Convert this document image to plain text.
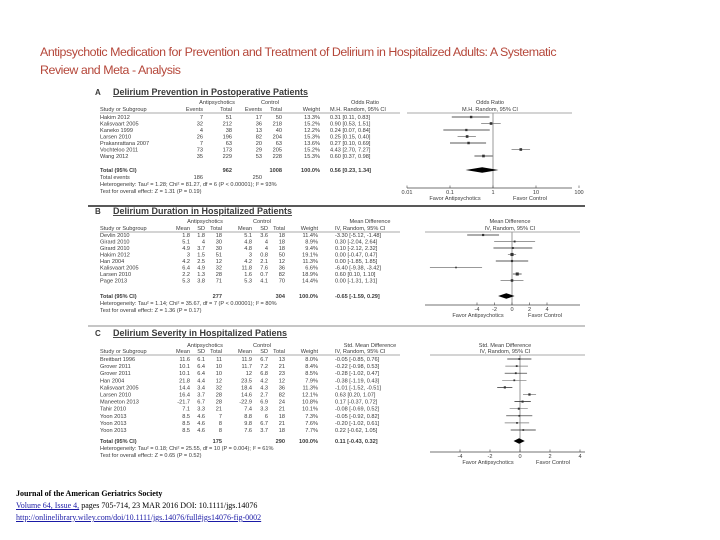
Antipsychotic Medication for Prevention and Treatment of Delirium in Hospitalized Adults: A Systematic
Review and Meta - Analysis
A Delirium Prevention in Postoperative Patients
Antipsychotics	Control	Odds Ratio	Odds Ratio
Study or Subgroup	Events	Total Events Total	Weight M.H. Random, 95% CI	M.H. Random, 95% CI
Hakim 2012	7	51	17 50	13.3% 0.31 [0.11, 0.83]
Kalisvaart 2005	32	212	36 218	15.2% 0.90 [0.53, 1.51]
Kaneko 1999	4	38	13 40	12.2% 0.24 [0.07, 0.84]
Larsen 2010	26	196	82 204	15.3% 0.25 [0.15, 0.40]
Prakanrattana 2007	7	63	20 63	13.6% 0.27 [0.10, 0.69]
Vochteloo 2011	73	173	29 205	15.2% 4.43 [2.70, 7.27]
Wang 2012	35	229	53 228	15.3% 0.60 [0.37, 0.98]
Total (95% CI)	962	1008	100.0% 0.56 [0.23, 1.34]
Total events	186	250
Heterogeneity: Tau² = 1.28; Chi² = 81.27, df = 6 (P < 0.00001); I² = 93%
Test for overall effect: Z = 1.31 (P = 0.19)	0.01	0.1	1	10	100
Favor Antipsychotics	Favor Control
B Delirium Duration in Hospitalized Patients
Antipsychotics	Control	Mean Difference	Mean Difference
Study or Subgroup	Mean SD Total	Mean SD Total	Weight	IV, Random, 95% CI	IV, Random, 95% CI
Devlin 2010	1.8 1.8 18	5.1 3.6 18	11.4%	-3.30 [-5.12, -1.48]
Girard 2010	5.1 4 30	4.8 4 18	8.9%	0.30 [-2.04, 2.64]
Girard 2010	4.9 3.7 30	4.8 4 18	9.4%	0.10 [-2.12, 2.32]
Hakim 2012	3 1.5 51	3 0.8 50	19.1%	0.00 [-0.47, 0.47]
Han 2004	4.2 2.5 12	4.2 2.1 12	11.3%	0.00 [-1.85, 1.85]
Kalisvaart 2005	6.4 4.9 32	11.8 7.6 36	6.6%	-6.40 [-9.38, -3.42]
Larsen 2010	2.2 1.3 28	1.6 0.7 82	18.9%	0.60 [0.10, 1.10]
Page 2013	5.3 3.8 71	5.3 4.1 70	14.4%	0.00 [-1.31, 1.31]
Total (95% CI)	277	304	100.0%	-0.65 [-1.59, 0.29]
Heterogeneity: Tau² = 1.14; Chi² = 35.67, df = 7 (P < 0.00001); I² = 80%
Test for overall effect: Z = 1.36 (P = 0.17)	-4 -2 0	2	4
Favor Antipsychotics	Favor Control
C Delirium Severity in Hospitalized Patiens
Antipsychotics	Control	Std. Mean Difference	Std. Mean Difference
Study or Subgroup	Mean SD Total	Mean SD Total	Weight	IV, Random, 95% CI	IV, Random, 95% CI
Breitbart 1996	11.6 6.1 11	11.9 6.7 13	8.0%	-0.05 [-0.85, 0.76]
Grover 2011	10.1 6.4 10	11.7 7.2 21	8.4%	-0.22 [-0.98, 0.53]
Grover 2011	10.1 6.4 10	12 6.8 23	8.5%	-0.28 [-1.02, 0.47]
Han 2004	21.8 4.4 12	23.5 4.2 12	7.9%	-0.38 [-1.19, 0.43]
Kalisvaart 2005	14.4 3.4 32	18.4 4.3 36	11.3%	-1.01 [-1.52, -0.51]
Larsen 2010	16.4 3.7 28	14.6 2.7 82	12.1%	0.63 [0.20, 1.07]
Maneeton 2013	-21.7 6.7 28	-22.9 6.9 24	10.8%	0.17 [-0.37, 0.72]
Tahir 2010	7.1 3.3 21	7.4 3.3 21	10.1%	-0.08 [-0.69, 0.52]
Yoon 2013	8.5 4.6 7	8.8 6 18	7.3%	-0.05 [-0.92, 0.82]
Yoon 2013	8.5 4.6 8	9.8 6.7 21	7.6%	-0.20 [-1.02, 0.61]
Yoon 2013	8.5 4.6 8	7.6 3.7 18	7.7%	0.22 [-0.62, 1.05]
Total (95% CI)	175	290	100.0%	0.11 [-0.43, 0.32]
Heterogeneity: Tau² = 0.18; Chi² = 25.55, df = 10 (P = 0.004); I² = 61%
Test for overall effect: Z = 0.65 (P = 0.52)	-4	-2	0	2	4
Favor Antipsychotics	Favor Control
Journal of the American Geriatrics Society
Volume 64, Issue 4, pages 705-714, 23 MAR 2016 DOI: 10.1111/jgs.14076
http://onlinelibrary.wiley.com/doi/10.1111/jgs.14076/full#jgs14076-fig-0002
